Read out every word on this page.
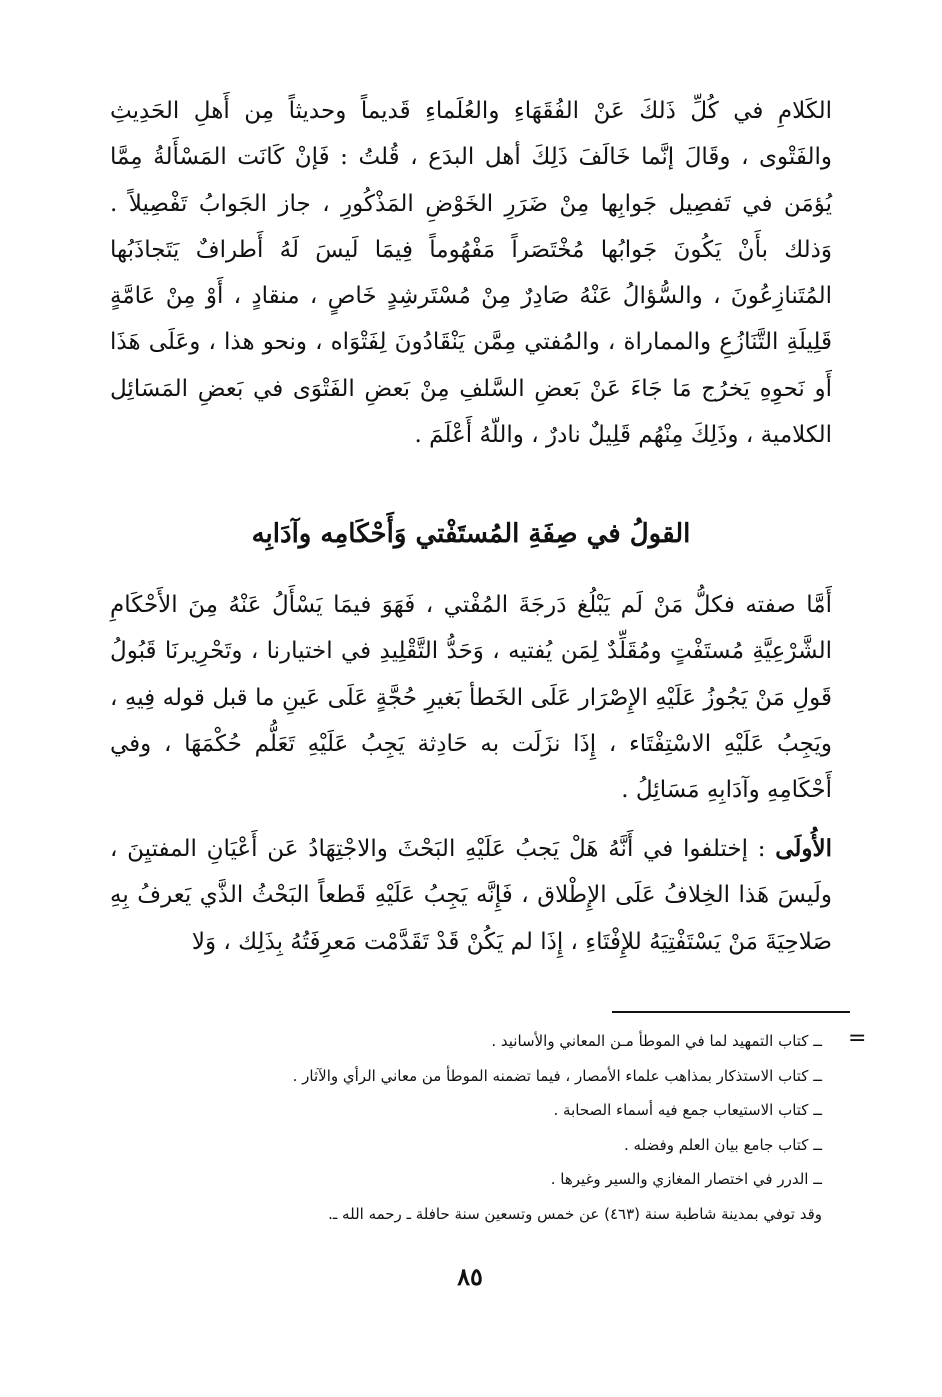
الكَلامِ في كُلِّ ذَلكَ عَنْ الفُقَهَاءِ والعُلَماءِ قَديماً وحديثاً مِن أَهلِ الحَدِيثِ والفَتْوى ، وقَالَ إنَّما خَالَفَ ذَلِكَ أهل البدَع ، قُلتُ : فَإنْ كَانَت المَسْأَلةُ مِمَّا يُؤمَن في تَفصِيل جَوابِها مِنْ ضَرَرِ الخَوْضِ المَذْكُورِ ، جاز الجَوابُ تَفْصِيلاً . وَذلك بأَنْ يَكُونَ جَوابُها مُخْتَصَراً مَفْهُوماً فِيمَا لَيسَ لَهُ أَطرافٌ يَتَجاذَبُها المُتَنازِعُونَ ، والسُّؤالُ عَنْهُ صَادِرٌ مِنْ مُسْتَرشِدٍ خَاصٍ ، منقادٍ ، أَوْ مِنْ عَامَّةٍ قَلِيلَةِ التَّنَازُعِ والمماراة ، والمُفتي مِمَّن يَنْقَادُونَ لِفَتْوَاه ، ونحو هذا ، وعَلَى هَذَا أَو نَحوِهِ يَخرُج مَا جَاءَ عَنْ بَعضِ السَّلفِ مِنْ بَعضِ الفَتْوَى في بَعضِ المَسَائِل الكلامية ، وذَلِكَ مِنْهُم قَلِيلٌ نادرٌ ، واللّهُ أَعْلَمَ .

القولُ في صِفَةِ المُستَفْتي وَأَحْكَامِه وآدَابِه

أَمَّا صفته فكلُّ مَنْ لَم يَبْلُغ دَرجَةَ المُفْتي ، فَهَوَ فيمَا يَسْأَلُ عَنْهُ مِنَ الأَحْكَامِ الشَّرْعِيَّةِ مُستَفْتٍ ومُقَلِّدٌ لِمَن يُفتيه ، وَحَدُّ التَّقْلِيدِ في اختيارنا ، وتَحْرِيرنَا قَبُولُ قَولِ مَنْ يَجُوزُ عَلَيْهِ الإِصْرَار عَلَى الخَطأ بَغيرِ حُجَّةٍ عَلَى عَينِ ما قبل قوله فِيهِ ، ويَجِبُ عَلَيْهِ الاسْتِفْتَاء ، إِذَا نزَلَت به حَادِثة يَجِبُ عَلَيْهِ تَعَلُّم حُكْمَهَا ، وفي أَحْكَامِهِ وآدَابِهِ مَسَائِلُ .

الأُولَى : إختلفوا في أَنَّهُ هَلْ يَجبُ عَلَيْهِ البَحْثَ والاجْتِهَادُ عَن أَعْيَانِ المفتيِنَ ، ولَيسَ هَذا الخِلافُ عَلَى الإِطْلاق ، فَإِنَّه يَجِبُ عَلَيْهِ قَطعاً البَحْثُ الذَّي يَعرفُ بِهِ صَلاحِيَةَ مَنْ يَسْتَفْتِيَهُ للإِفْتَاءِ ، إِذَا لم يَكُنْ قَدْ تَقَدَّمْت مَعرِفَتُهُ بِذَلِك ، وَلا

=
ــ كتاب التمهيد لما في الموطأ مـن المعاني والأسانيد .
ــ كتاب الاستذكار بمذاهب علماء الأمصار ، فيما تضمنه الموطأ من معاني الرأي والآثار .
ــ كتاب الاستيعاب جمع فيه أسماء الصحابة .
ــ كتاب جامع بيان العلم وفضله .
ــ الدرر في اختصار المغازي والسير وغيرها .
وقد توفي بمدينة شاطبة سنة (٤٦٣) عن خمس وتسعين سنة حافلة ـ رحمه الله ـ.
٨٥
